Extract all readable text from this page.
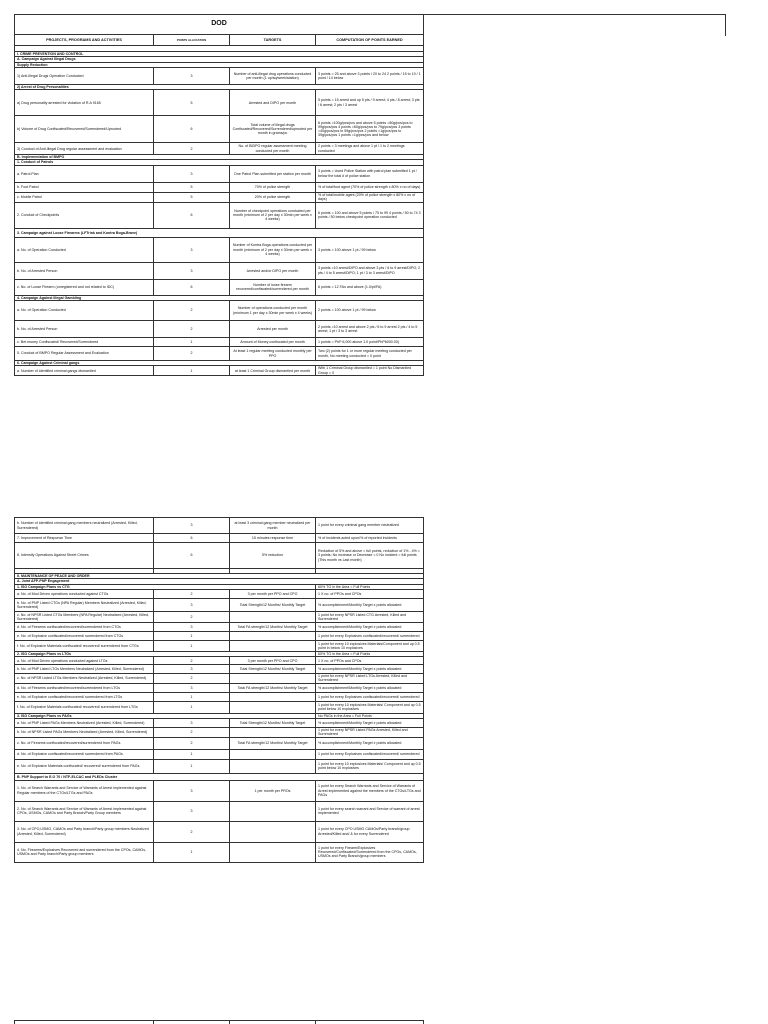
DOD			
PROJECTS, PROGRAMS AND ACTIVITIES	POINTS ALLOCATION	TARGETS	COMPUTATION OF POINTS EARNED

I. CRIME PREVENTION AND CONTROL			
A. Campaign Against Illegal Drugs			
Supply Reduction			
1) Anti-Illegal Drugs Operation Conducted	3	Number of anti-illegal drug operations conducted per month (1 op/sq/week/station)	3 points = 25 and above 3 points / 20 to 24 2 points / 15 to 19 / 1 point / 14 below
2) Arrest of Drug Personalities			
a) Drug personality arrested for violation of R.A 9165	5	Arrested and DIPO per month	5 points = 15 arrest and up 5 pts / 9 arrest; 4 pts / 8 arrest; 3 pts / 6 arrest; 2 pts / 3 arrest
b) Volume of Drug Confiscated/Recovered/Surrendered/Uprooted	6	Total volume of illegal drugs Confiscated/Recovered/Surrendered/uprooted per month in grams/pc	6 points =100g/pcs/pcs and above 5 points =80g/pcs/pcs to 99g/pcs/pcs 4 points =60g/pcs/pcs to 79g/pcs/pcs 3 points =40g/pcs/pcs to 59g/pcs/pcs 2 points =1g/pcs/pcs to 39g/pcs/pcs 1 points =1g/pcs/pcs and below
3) Conduct of Anti-Illegal Drug regular assessment and evaluation	2	No. of BIDPO regular assessment meeting conducted per month	2 points = 3 meetings and above 1 pt / 1 to 2 meetings conducted
B. Implementation of BMPO			
1. Conduct of Patrols			
a. Patrol Plan	3	One Patrol Plan submitted per station per month	3 points = Used Police Station with patrol plan submitted 1 pt / below the total # of police station
b. Foot Patrol	5	70% of police strength	% of total/foot agent (70% of police strength x 80% x no of days)
c. Mobile Patrol	5	20% of police strength	% of total/mobile agent (20% of police strength x 80% x no of days)
2. Conduct of Checkpoints	6	Number of checkpoint operations conducted per month (minimum of 2 per day x 30min per week x 4 weeks)	6 points = 100 and above 5 points / 75 to 99 4 points / 50 to 74 3 points / 50 below checkpoint operation conducted
3. Campaign against Loose Firearms (LFTrink and Kontra Boga-Brave)			
a. No. of Operation Conducted	3	Number of Kontra Boga operations conducted per month (minimum of 2 per day x 30min per week x 4 weeks)	3 points = 100 above 1 pt / 99 below
b. No. of Arrested Person	3	Arrested and/or DIPO per month	3 points =10 arrest/DIPO and above 3 pts / 6 to 9 arrest/DIPO; 2 pts / 4 to 5 arrest/DIPO; 1 pt / 3 to 3 arrest/DIPO
c. No. of Loose Firearm (unregistered and not related to IDC)	6	Number of loose firearm recovered/confiscated/surrendered per month	6 points = 12 FAs and above (1.0/pt/FA)
4. Campaign Against Illegal Gambling			
a. No. of Operation Conducted	2	Number of operations conducted per month (minimum 1 per day x 30min per week x 4 weeks)	2 points = 100 above 1 pt / 99 below
b. No. of Arrested Person	2	Arrested per month	2 points =10 arrest and above 2 pts / 6 to 9 arrest 2 pts / 4 to 5 arrest; 1 pt / 3 to 3 arrest
c. Bet money Confiscated/ Recovered/Surrendered	1	Amount of Money confiscated per month	1 points = PhP 6,000 above 1.0 point/PhP6000.00)
5. Conduct of BMPO Regular Assessment and Evaluation	2	At least 1 regular meeting conducted monthly per PPO	Two (2) points for 1 or more regular meeting conducted per month, No meeting conducted = 0 point
6. Campaign Against Criminal gangs			
a. Number of identified criminal gangs dismantled	1	at least 1 Criminal Group dismantled per month	With 1 Criminal Group dismantled = 1 point No Dismantled Group = 0
b. Number of identified criminal gang members neutralized (Arrested, Killed, Surrendered)	3	at least 3 criminal gang member neutralized per month	1 point for every criminal gang member neutralized
7. Improvement of Response Time	6	15 minutes response time	% of incidents acted upon/% of reported incidents
8. Intensify Operations Against Street Crimes	6	5% reduction	Reduction of 5% and above = full points, reduction of 1% - 4% = 3 points; No increase or Decrease = 0 No incident = full points (This month vs Last month)

II. MAINTENANCE OF PEACE AND ORDER			
A. Joint AFP-PNP Engagement			
1. ISO Campaign Plans vs CTG			60% TG in the Area = Full Points
a. No. of Mod Driven operations conducted against CTGs	2	3 per month per PPO and CPO	1 X no. of PPOs and CPOs
b. No. of PNP Listed CTGs (NPA Regular) Members Neutralized (Arrested, Killed, Surrendered)	3	Total Strength/12 Months/ Monthly Target	% accomplishment/Monthly Target x points allocated
c. No. of NPSR Listed CTGs Members (NPA Regular) Neutralized (Arrested, Killed, Surrendered)	2		1 point for every NPSR Listed CTG Arrested, Killed and Surrendered
d. No. of Firearms confiscated/recovered/surrendered from CTGs	3	Total FA strength/12 Months/ Monthly Target	% accomplishment/Monthly Target x points allocated
e. No. of Explosive confiscated/recovered/ surrendered from CTGs	1		1 point for every Explosives confiscated/recovered/ surrendered
f. No. of Explosive Materials confiscated/ recovered/ surrendered from CTGs	1		1 point for every 10 explosives Materials/Component and up 0.5 point in below 10 explosives
2. ISO Campaign Plans vs LTGs			60% TG in the Area = Full Points
a. No. of Mod Driven operations conducted against LTGs	2	3 per month per PPO and CPO	1 X no. of PPOs and CPOs
b. No. of PNP Listed LTGs Members Neutralized (Arrested, Killed, Surrendered)	3	Total Strength/12 Months/ Monthly Target	% accomplishment/Monthly Target x points allocated
c. No. of NPSR Listed LTGs Members Neutralized (Arrested, Killed, Surrendered)	2		1 point for every NPSR Listed LTGs Arrested, Killed and Surrendered
d. No. of Firearms confiscated/recovered/surrendered from LTGs	3	Total FA strength/12 Months/ Monthly Target	% accomplishment/Monthly Target x points allocated
e. No. of Explosive confiscated/recovered/ surrendered from LTGs	1		1 point for every Explosives confiscated/recovered/ surrendered
f. No. of Explosive Materials confiscated/ recovered/ surrendered from LTGs	1		1 point for every 10 explosives Materials/ Component and up 0.5 point below 10 explosives
3. ISO Campaign Plans vs PAGs			No PAGs in the Area = Full Points
a. No. of PNP Listed PAGs Members Neutralized (Arrested, Killed, Surrendered)	3	Total Strength/12 Months/ Monthly Target	% accomplishment/Monthly Target x points allocated
b. No. of NPSR Listed PAGs Members Neutralized (Arrested, Killed, Surrendered)	2		1 point for every NPSR Listed PAGs Arrested, Killed and Surrendered
c. No. of Firearms confiscated/recovered/surrendered from PAGs	2	Total FA strength/12 Months/ Monthly Target	% accomplishment/Monthly Target x points allocated
d. No. of Explosive confiscated/recovered/ surrendered from PAGs	1		1 point for every Explosives confiscated/recovered/ surrendered
e. No. of Explosive Materials confiscated/ recovered/ surrendered from PAGs	1		1 point for every 10 explosives Materials/ Component and up 0.5 point below 10 explosives
B. PNP Support to E.O 70 / NTF-ELCAC and PLEDs Cluster			
1. No. of Search Warrants and Service of Warrants of Arrest implemented against Regular members of the CTGs/LTGs and PAGs	3	1 per month per PROs	1 point for every Search Warrants and Service of Warrants of Arrest implemented against the members of the CTGs/LTGs and PAGs
2. No. of Search Warrants and Service of Warrants of Arrest implemented against CPOs, USMOs, CAMOs and Party Branch/Party Group members	3		1 point for every search warrant and Service of warrant of arrest implemented
3. No. of CPO,USMO, CAMOs and Party branch/Party group members Neutralized (Arrested, Killed, Surrendered)	2		1 point for every CPO USMO CAMOs/Party branch/group Arrested/Killed and/ & for every Surrendered
4. No. Firearms/Explosives Recovered and surrendered from the CPOs, CAMOs, USMOs and Party branch/Party group members	1		1 point for every Firearm/Explosives Recovered/Confiscated/Surrendered from the CPOs, CAMOs, USMOs and Party Branch/group members
